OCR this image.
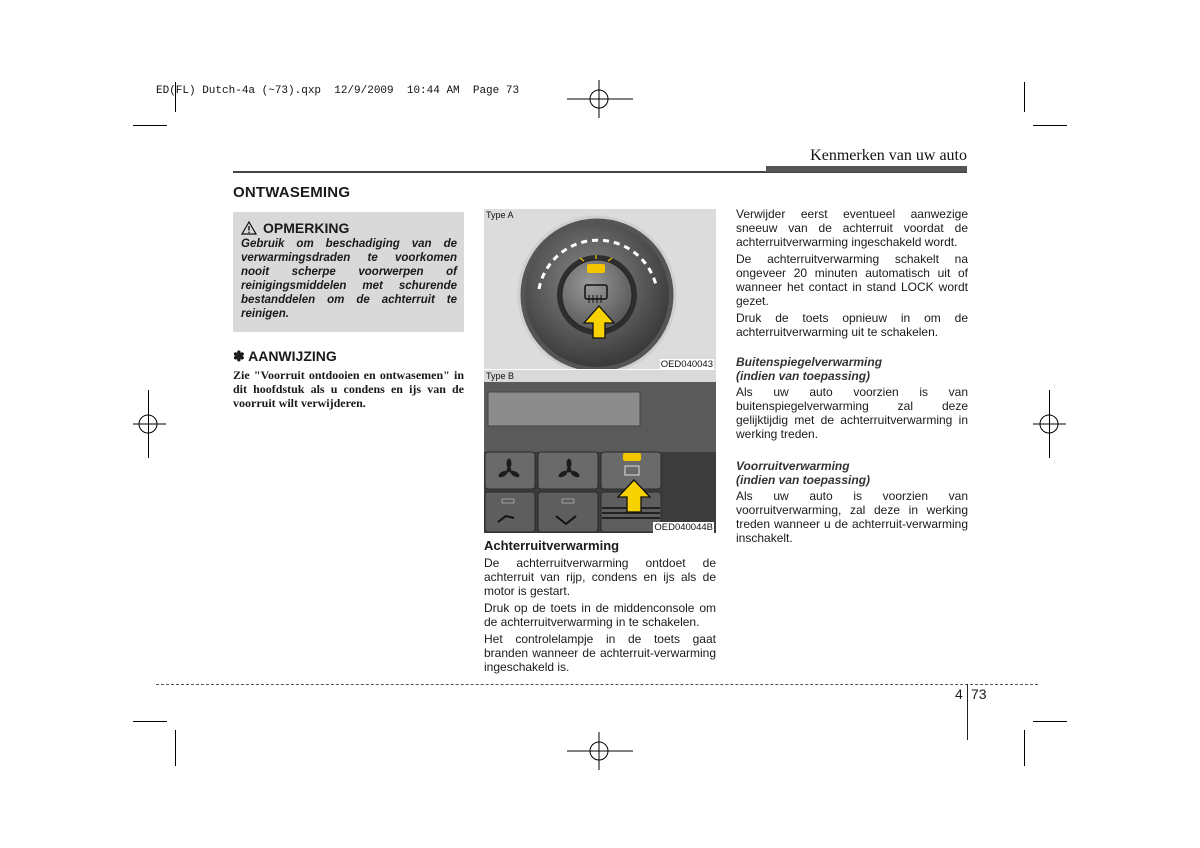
ED(FL) Dutch-4a (~73).qxp  12/9/2009  10:44 AM  Page 73
Kenmerken van uw auto
ONTWASEMING
OPMERKING
Gebruik om beschadiging van de verwarmingsdraden te voorkomen nooit scherpe voorwerpen of reinigingsmiddelen met schurende bestanddelen om de achterruit te reinigen.
✽ AANWIJZING
Zie "Voorruit ontdooien en ontwasemen" in dit hoofdstuk als u condens en ijs van de voorruit wilt verwijderen.
Type A
OED040043
Type B
OED040044B
Achterruitverwarming

De achterruitverwarming ontdoet de achterruit van rijp, condens en ijs als de motor is gestart.

Druk op de toets in de middenconsole om de achterruitverwarming in te schakelen.

Het controlelampje in de toets gaat branden wanneer de achterruit-verwarming ingeschakeld is.

Verwijder eerst eventueel aanwezige sneeuw van de achterruit voordat de achterruitverwarming ingeschakeld wordt.

De achterruitverwarming schakelt na ongeveer 20 minuten automatisch uit of wanneer het contact in stand LOCK wordt gezet.

Druk de toets opnieuw in om de achterruitverwarming uit te schakelen.

Buitenspiegelverwarming
(indien van toepassing)

Als uw auto voorzien is van buitenspiegelverwarming zal deze gelijktijdig met de achterruitverwarming in werking treden.

Voorruitverwarming
(indien van toepassing)

Als uw auto is voorzien van voorruitverwarming, zal deze in werking treden wanneer u de achterruit-verwarming inschakelt.

4 73
